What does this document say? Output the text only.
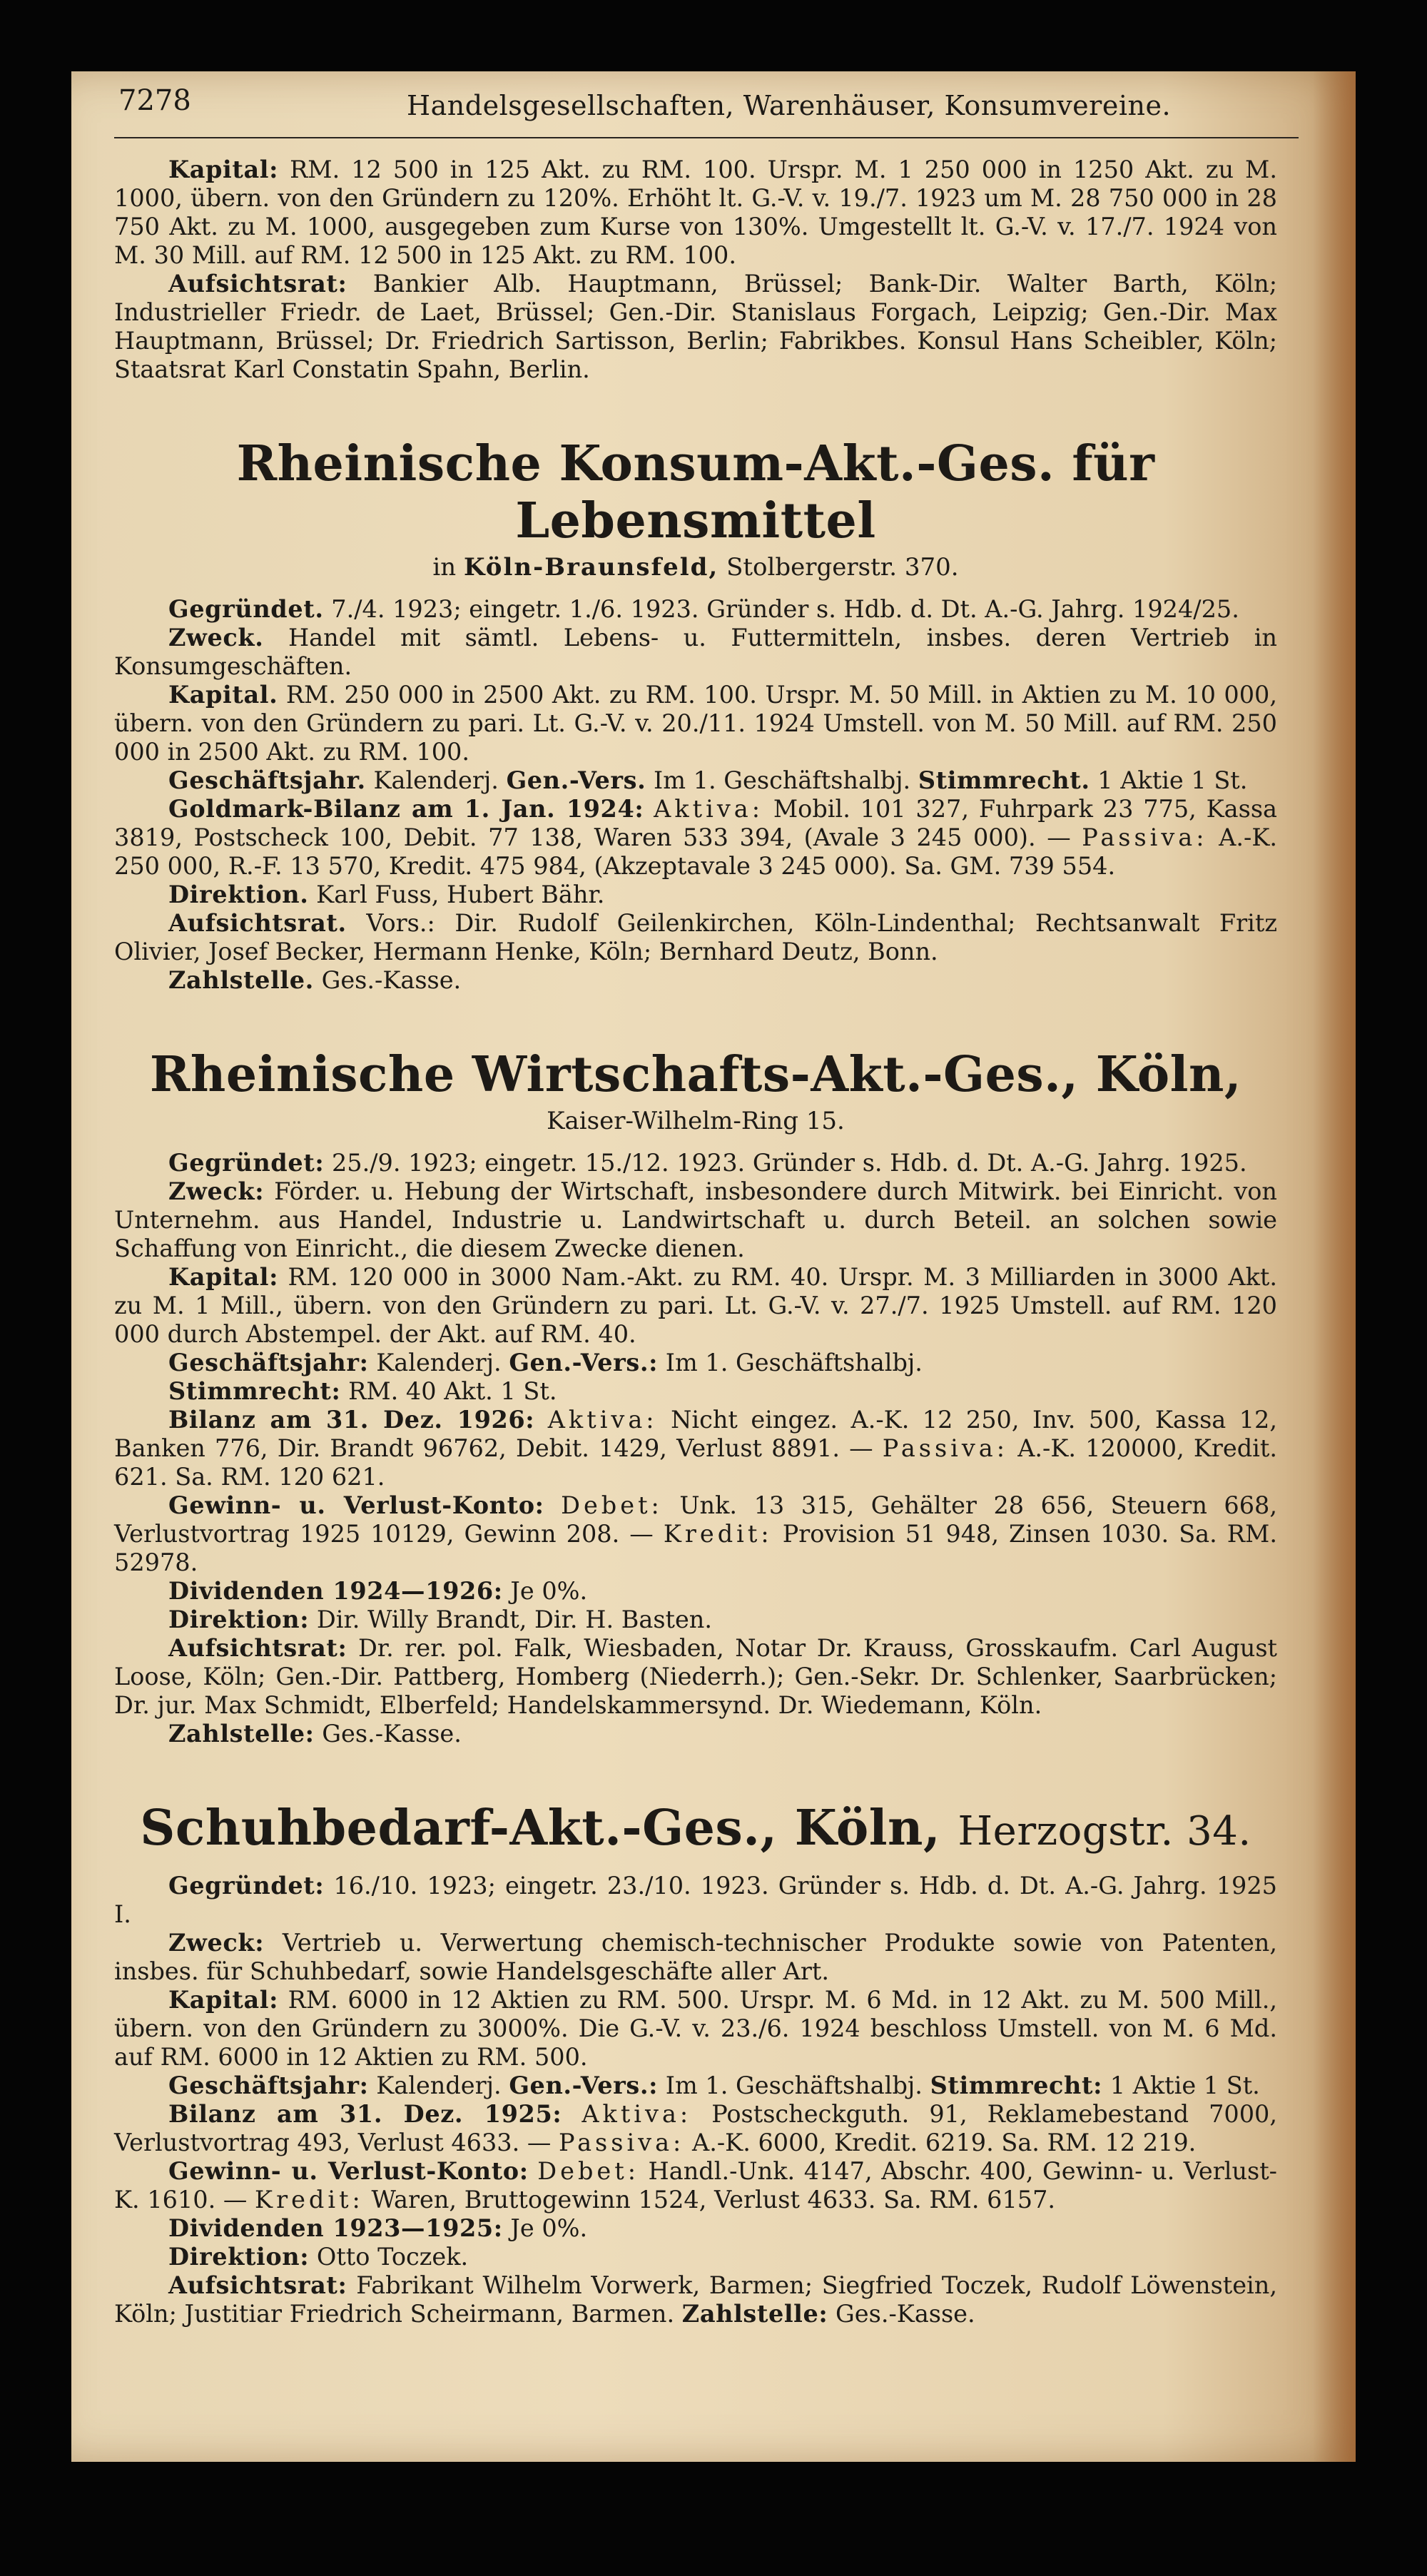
7278	Handelsgesellschaften, Warenhäuser, Konsumvereine.

Kapital: RM. 12 500 in 125 Akt. zu RM. 100. Urspr. M. 1 250 000 in 1250 Akt. zu M. 1000, übern. von den Gründern zu 120%. Erhöht lt. G.-V. v. 19./7. 1923 um M. 28 750 000 in 28 750 Akt. zu M. 1000, ausgegeben zum Kurse von 130%. Umgestellt lt. G.-V. v. 17./7. 1924 von M. 30 Mill. auf RM. 12 500 in 125 Akt. zu RM. 100.

Aufsichtsrat: Bankier Alb. Hauptmann, Brüssel; Bank-Dir. Walter Barth, Köln; Industrieller Friedr. de Laet, Brüssel; Gen.-Dir. Stanislaus Forgach, Leipzig; Gen.-Dir. Max Hauptmann, Brüssel; Dr. Friedrich Sartisson, Berlin; Fabrikbes. Konsul Hans Scheibler, Köln; Staatsrat Karl Constatin Spahn, Berlin.

Rheinische Konsum-Akt.-Ges. für Lebensmittel
in Köln-Braunsfeld, Stolbergerstr. 370.

Gegründet. 7./4. 1923; eingetr. 1./6. 1923. Gründer s. Hdb. d. Dt. A.-G. Jahrg. 1924/25.

Zweck. Handel mit sämtl. Lebens- u. Futtermitteln, insbes. deren Vertrieb in Konsumgeschäften.

Kapital. RM. 250 000 in 2500 Akt. zu RM. 100. Urspr. M. 50 Mill. in Aktien zu M. 10 000, übern. von den Gründern zu pari. Lt. G.-V. v. 20./11. 1924 Umstell. von M. 50 Mill. auf RM. 250 000 in 2500 Akt. zu RM. 100.

Geschäftsjahr. Kalenderj. Gen.-Vers. Im 1. Geschäftshalbj. Stimmrecht. 1 Aktie 1 St.

Goldmark-Bilanz am 1. Jan. 1924: Aktiva: Mobil. 101 327, Fuhrpark 23 775, Kassa 3819, Postscheck 100, Debit. 77 138, Waren 533 394, (Avale 3 245 000). — Passiva: A.-K. 250 000, R.-F. 13 570, Kredit. 475 984, (Akzeptavale 3 245 000). Sa. GM. 739 554.

Direktion. Karl Fuss, Hubert Bähr.

Aufsichtsrat. Vors.: Dir. Rudolf Geilenkirchen, Köln-Lindenthal; Rechtsanwalt Fritz Olivier, Josef Becker, Hermann Henke, Köln; Bernhard Deutz, Bonn.

Zahlstelle. Ges.-Kasse.

Rheinische Wirtschafts-Akt.-Ges., Köln,
Kaiser-Wilhelm-Ring 15.

Gegründet: 25./9. 1923; eingetr. 15./12. 1923. Gründer s. Hdb. d. Dt. A.-G. Jahrg. 1925.

Zweck: Förder. u. Hebung der Wirtschaft, insbesondere durch Mitwirk. bei Einricht. von Unternehm. aus Handel, Industrie u. Landwirtschaft u. durch Beteil. an solchen sowie Schaffung von Einricht., die diesem Zwecke dienen.

Kapital: RM. 120 000 in 3000 Nam.-Akt. zu RM. 40. Urspr. M. 3 Milliarden in 3000 Akt. zu M. 1 Mill., übern. von den Gründern zu pari. Lt. G.-V. v. 27./7. 1925 Umstell. auf RM. 120 000 durch Abstempel. der Akt. auf RM. 40.

Geschäftsjahr: Kalenderj. Gen.-Vers.: Im 1. Geschäftshalbj.

Stimmrecht: RM. 40 Akt. 1 St.

Bilanz am 31. Dez. 1926: Aktiva: Nicht eingez. A.-K. 12 250, Inv. 500, Kassa 12, Banken 776, Dir. Brandt 96762, Debit. 1429, Verlust 8891. — Passiva: A.-K. 120000, Kredit. 621. Sa. RM. 120 621.

Gewinn- u. Verlust-Konto: Debet: Unk. 13 315, Gehälter 28 656, Steuern 668, Verlustvortrag 1925 10129, Gewinn 208. — Kredit: Provision 51 948, Zinsen 1030. Sa. RM. 52978.

Dividenden 1924—1926: Je 0%.

Direktion: Dir. Willy Brandt, Dir. H. Basten.

Aufsichtsrat: Dr. rer. pol. Falk, Wiesbaden, Notar Dr. Krauss, Grosskaufm. Carl August Loose, Köln; Gen.-Dir. Pattberg, Homberg (Niederrh.); Gen.-Sekr. Dr. Schlenker, Saarbrücken; Dr. jur. Max Schmidt, Elberfeld; Handelskammersynd. Dr. Wiedemann, Köln.

Zahlstelle: Ges.-Kasse.

Schuhbedarf-Akt.-Ges., Köln, Herzogstr. 34.

Gegründet: 16./10. 1923; eingetr. 23./10. 1923. Gründer s. Hdb. d. Dt. A.-G. Jahrg. 1925 I.

Zweck: Vertrieb u. Verwertung chemisch-technischer Produkte sowie von Patenten, insbes. für Schuhbedarf, sowie Handelsgeschäfte aller Art.

Kapital: RM. 6000 in 12 Aktien zu RM. 500. Urspr. M. 6 Md. in 12 Akt. zu M. 500 Mill., übern. von den Gründern zu 3000%. Die G.-V. v. 23./6. 1924 beschloss Umstell. von M. 6 Md. auf RM. 6000 in 12 Aktien zu RM. 500.

Geschäftsjahr: Kalenderj. Gen.-Vers.: Im 1. Geschäftshalbj. Stimmrecht: 1 Aktie 1 St.

Bilanz am 31. Dez. 1925: Aktiva: Postscheckguth. 91, Reklamebestand 7000, Verlustvortrag 493, Verlust 4633. — Passiva: A.-K. 6000, Kredit. 6219. Sa. RM. 12 219.

Gewinn- u. Verlust-Konto: Debet: Handl.-Unk. 4147, Abschr. 400, Gewinn- u. Verlust-K. 1610. — Kredit: Waren, Bruttogewinn 1524, Verlust 4633. Sa. RM. 6157.

Dividenden 1923—1925: Je 0%.

Direktion: Otto Toczek.

Aufsichtsrat: Fabrikant Wilhelm Vorwerk, Barmen; Siegfried Toczek, Rudolf Löwenstein, Köln; Justitiar Friedrich Scheirmann, Barmen. Zahlstelle: Ges.-Kasse.
